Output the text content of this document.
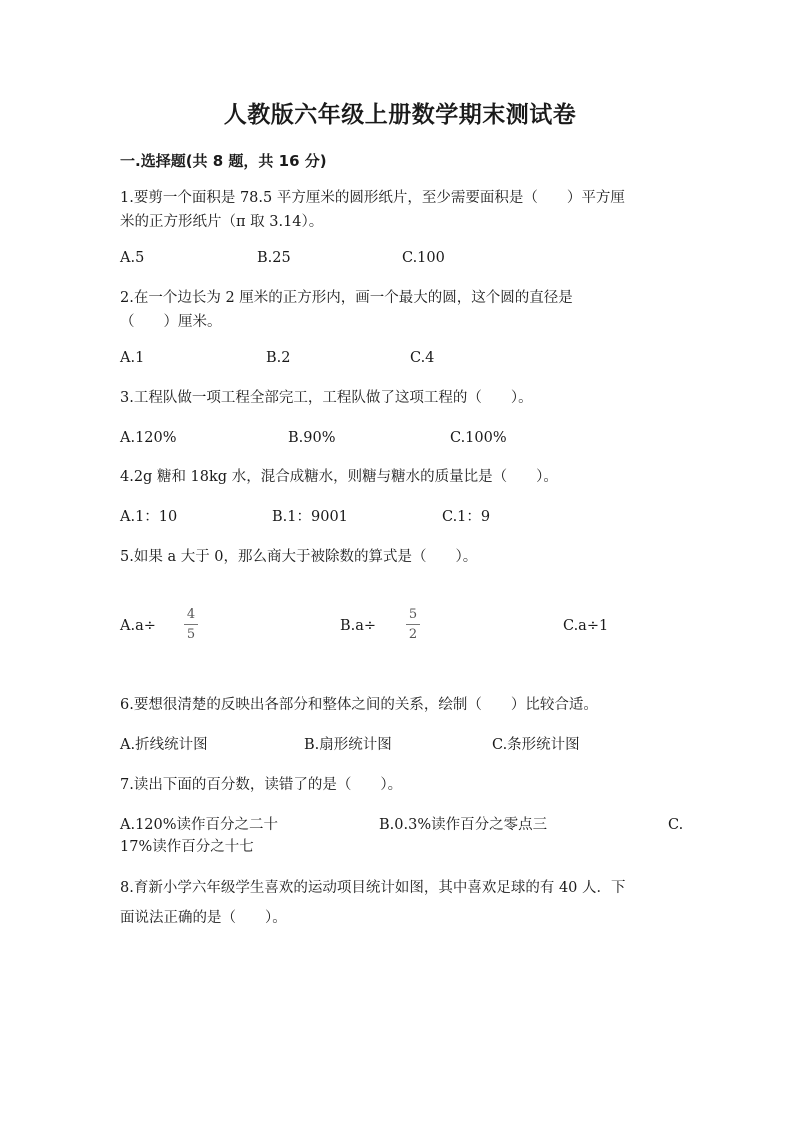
人教版六年级上册数学期末测试卷
一.选择题(共 8 题，共 16 分)
1.要剪一个面积是 78.5 平方厘米的圆形纸片，至少需要面积是（　　）平方厘
米的正方形纸片（π 取 3.14）。
A.5	B.25	C.100
2.在一个边长为 2 厘米的正方形内，画一个最大的圆，这个圆的直径是
（　　）厘米。
A.1	B.2	C.4
3.工程队做一项工程全部完工，工程队做了这项工程的（　　）。
A.120%	B.90%	C.100%
4.2g 糖和 18kg 水，混合成糖水，则糖与糖水的质量比是（　　）。
A.1：10	B.1：9001	C.1：9
5.如果 a 大于 0，那么商大于被除数的算式是（　　）。
A.a÷	B.a÷	C.a÷1
4
5
5
2
6.要想很清楚的反映出各部分和整体之间的关系，绘制（　　）比较合适。
A.折线统计图	B.扇形统计图	C.条形统计图
7.读出下面的百分数，读错了的是（　　）。
A.120%读作百分之二十	B.0.3%读作百分之零点三	C.
17%读作百分之十七
8.育新小学六年级学生喜欢的运动项目统计如图，其中喜欢足球的有 40 人．下
面说法正确的是（　　）。
